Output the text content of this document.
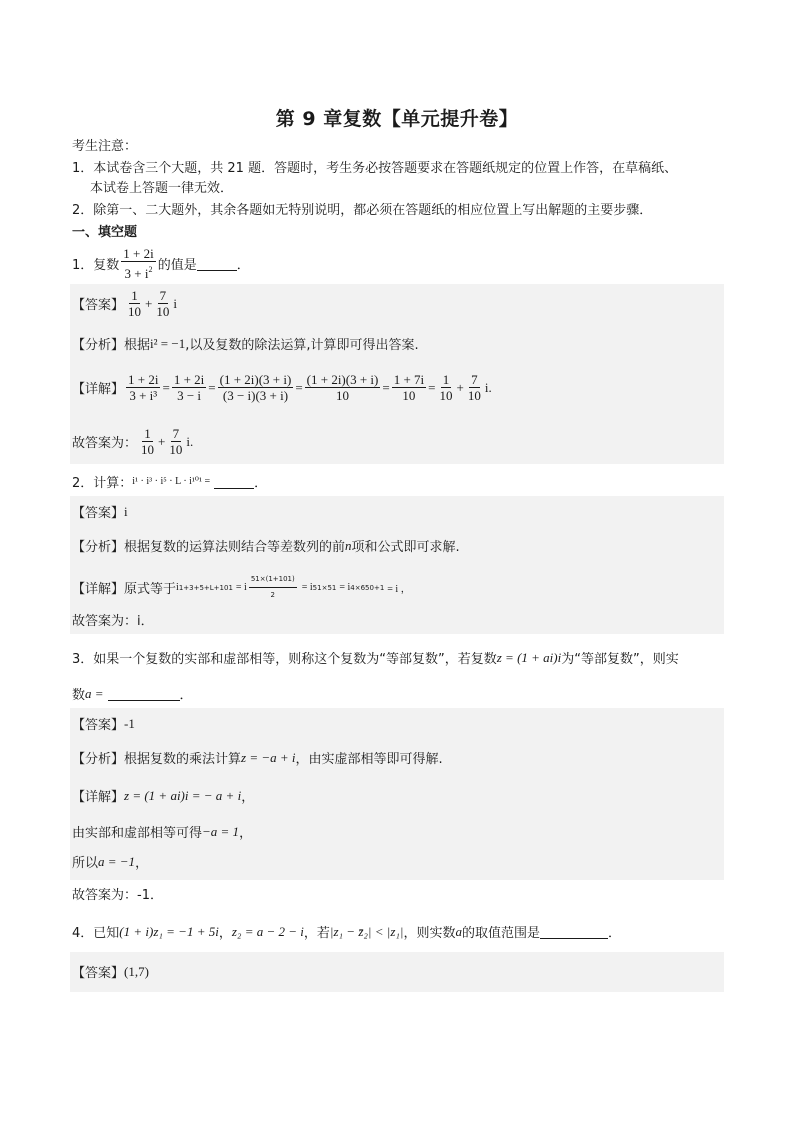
第 9 章复数【单元提升卷】
考生注意：
1．本试卷含三个大题，共 21 题．答题时，考生务必按答题要求在答题纸规定的位置上作答，在草稿纸、
本试卷上答题一律无效．
2．除第一、二大题外，其余各题如无特别说明，都必须在答题纸的相应位置上写出解题的主要步骤．
一、填空题
1．复数 $\frac{1 + 2i}{3 + i^2}$ 的值是	．
【答案】 $\frac{1}{10} + \frac{7}{10}$ i
【分析】 根据 i² = −1 ,以及复数的除法运算,计算即可得出答案.
【详解】 $\frac{1 + 2i}{\text{3 + i³}} = \frac{1 + 2i}{3 - i} = \frac{(1 + 2i)(3 + i)}{(3 - i)(3 + i)} = \frac{(1 + 2i)(3 + i)}{10} = \frac{1 + 7i}{10} = \frac{1}{10} + \frac{7}{10} i$.
故答案为： $\frac{1}{10} + \frac{7}{10} i$.
2．计算： i¹ · i³ · i⁵ · L · i¹⁰¹ =	．
【答案】 i
【分析】 根据复数的运算法则结合等差数列的前 n 项和公式即可求解.
【详解】 原式等于 i 1+3+5+L+101 = i $\frac{51\times(1+101)}{2} = i$ 51×51 = i 4×650+1 = i ，
故答案为： i．
3．如果一个复数的实部和虚部相等，则称这个复数为“等部复数”，若复数 z = (1 + ai)i 为“等部复数”，则实
数 a =	．
【答案】 -1
【分析】 根据复数的乘法计算 z = −a + i ，由实虚部相等即可得解.
【详解】 z = (1 + ai)i = − a + i ，
由实部和虚部相等可得 −a = 1 ，
所以 a = −1 ，
故答案为： -1．
4．已知 (1 + i)z₁ = −1 + 5i ， z₂ = a − 2 − i ，若 |z₁ − z̄₂| < |z₁| ，则实数 a 的取值范围是	．
【答案】 (1,7)
